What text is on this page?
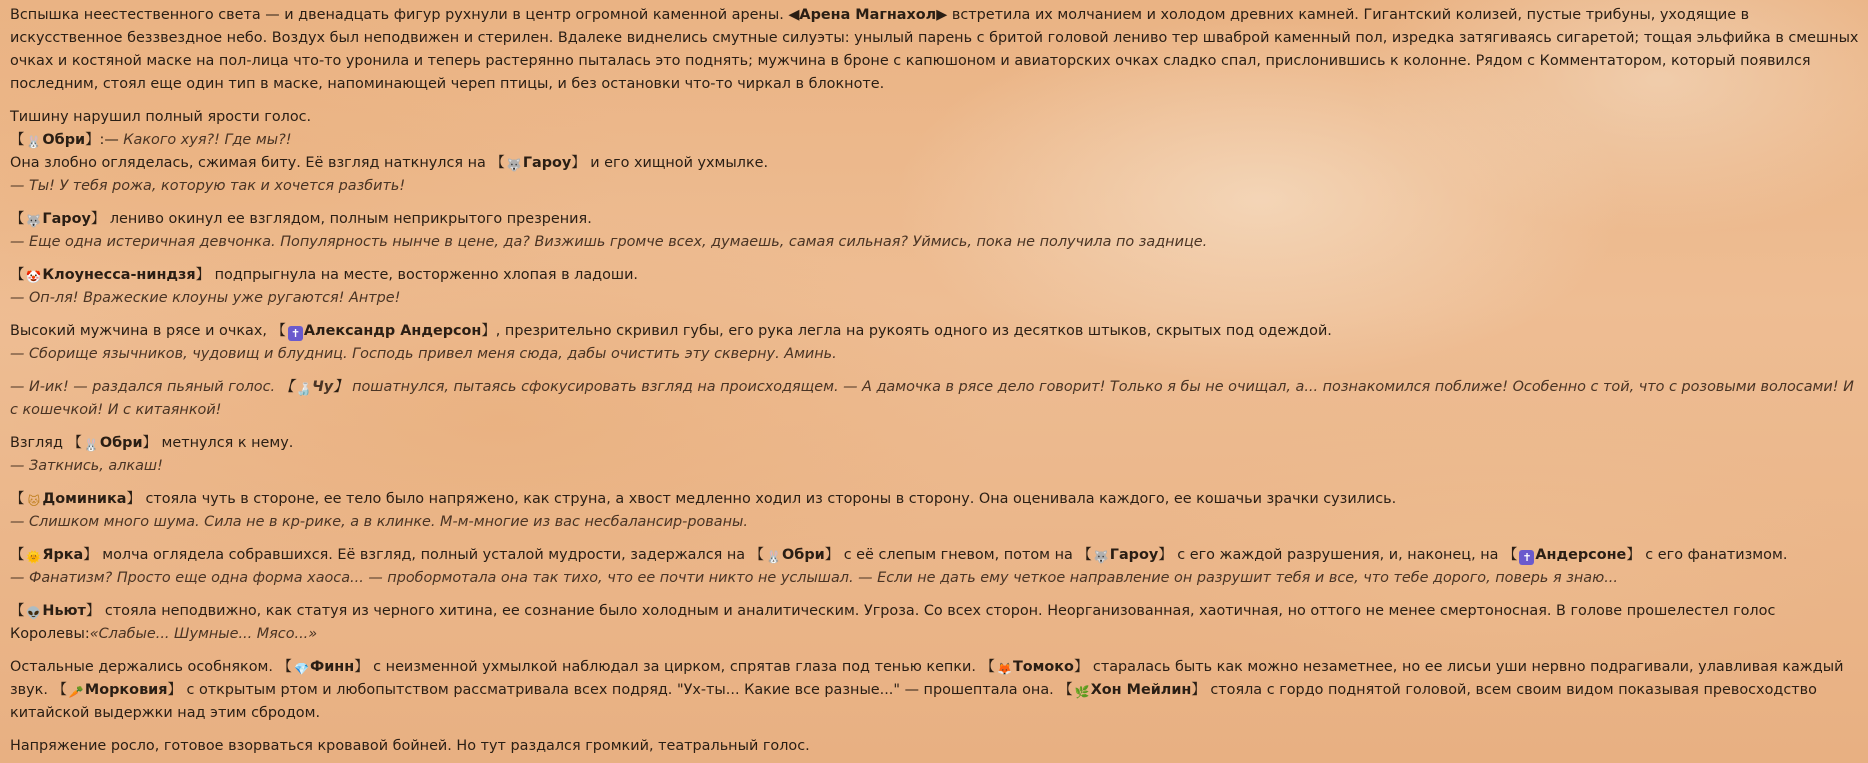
Вспышка неестественного света — и двенадцать фигур рухнули в центр огромной каменной арены. ◀Арена Магнахол▶ встретила их молчанием и холодом древних камней. Гигантский колизей, пустые трибуны, уходящие в искусственное беззвездное небо. Воздух был неподвижен и стерилен. Вдалеке виднелись смутные силуэты: унылый парень с бритой головой лениво тер шваброй каменный пол, изредка затягиваясь сигаретой; тощая эльфийка в смешных очках и костяной маске на пол-лица что-то уронила и теперь растерянно пыталась это поднять; мужчина в броне с капюшоном и авиаторских очках сладко спал, прислонившись к колонне. Рядом с Комментатором, который появился последним, стоял еще один тип в маске, напоминающей череп птицы, и без остановки что-то чиркал в блокноте.

Тишину нарушил полный ярости голос.

【 🐰Обри】:— Какого хуя?! Где мы?!

Она злобно огляделась, сжимая биту. Её взгляд наткнулся на 【 🐺Гароу】 и его хищной ухмылке.

— Ты! У тебя рожа, которую так и хочется разбить!

【 🐺Гароу】 лениво окинул ее взглядом, полным неприкрытого презрения.

— Еще одна истеричная девчонка. Популярность нынче в цене, да? Визжишь громче всех, думаешь, самая сильная? Уймись, пока не получила по заднице.

【 🤡Клоунесса-ниндзя】 подпрыгнула на месте, восторженно хлопая в ладоши.

— Оп-ля! Вражеские клоуны уже ругаются! Антре!

Высокий мужчина в рясе и очках, 【 ✝ Александр Андерсон】, презрительно скривил губы, его рука легла на рукоять одного из десятков штыков, скрытых под одеждой.

— Сборище язычников, чудовищ и блудниц. Господь привел меня сюда, дабы очистить эту скверну. Аминь.

— И-ик! — раздался пьяный голос. 【 🍶Чу】 пошатнулся, пытаясь сфокусировать взгляд на происходящем. — А дамочка в рясе дело говорит! Только я бы не очищал, а... познакомился поближе! Особенно с той, что с розовыми волосами! И с кошечкой! И с китаянкой!

Взгляд 【 🐰Обри】 метнулся к нему.

— Заткнись, алкаш!

【 🐱 Доминика】 стояла чуть в стороне, ее тело было напряжено, как струна, а хвост медленно ходил из стороны в сторону. Она оценивала каждого, ее кошачьи зрачки сузились.

— Слишком много шума. Сила не в кр-рике, а в клинке. М-м-многие из вас несбалансир-рованы.

【 🌞Ярка】 молча оглядела собравшихся. Её взгляд, полный усталой мудрости, задержался на 【 🐰Обри】 с её слепым гневом, потом на 【 🐺Гароу】 с его жаждой разрушения, и, наконец, на 【 ✝ Андерсоне】 с его фанатизмом.

— Фанатизм? Просто еще одна форма хаоса... — пробормотала она так тихо, что ее почти никто не услышал. — Если не дать ему четкое направление он разрушит тебя и все, что тебе дорого, поверь я знаю...

【 👽Ньют】 стояла неподвижно, как статуя из черного хитина, ее сознание было холодным и аналитическим. Угроза. Со всех сторон. Неорганизованная, хаотичная, но оттого не менее смертоносная. В голове прошелестел голос Королевы:«Слабые... Шумные... Мясо...»

Остальные держались особняком. 【 💎Финн】 с неизменной ухмылкой наблюдал за цирком, спрятав глаза под тенью кепки. 【 🦊Томоко】 старалась быть как можно незаметнее, но ее лисьи уши нервно подрагивали, улавливая каждый звук. 【 🥕Морковия】 с открытым ртом и любопытством рассматривала всех подряд. "Ух-ты... Какие все разные..." — прошептала она. 【 🌿Хон Мейлин】 стояла с гордо поднятой головой, всем своим видом показывая превосходство китайской выдержки над этим сбродом.

Напряжение росло, готовое взорваться кровавой бойней. Но тут раздался громкий, театральный голос.
